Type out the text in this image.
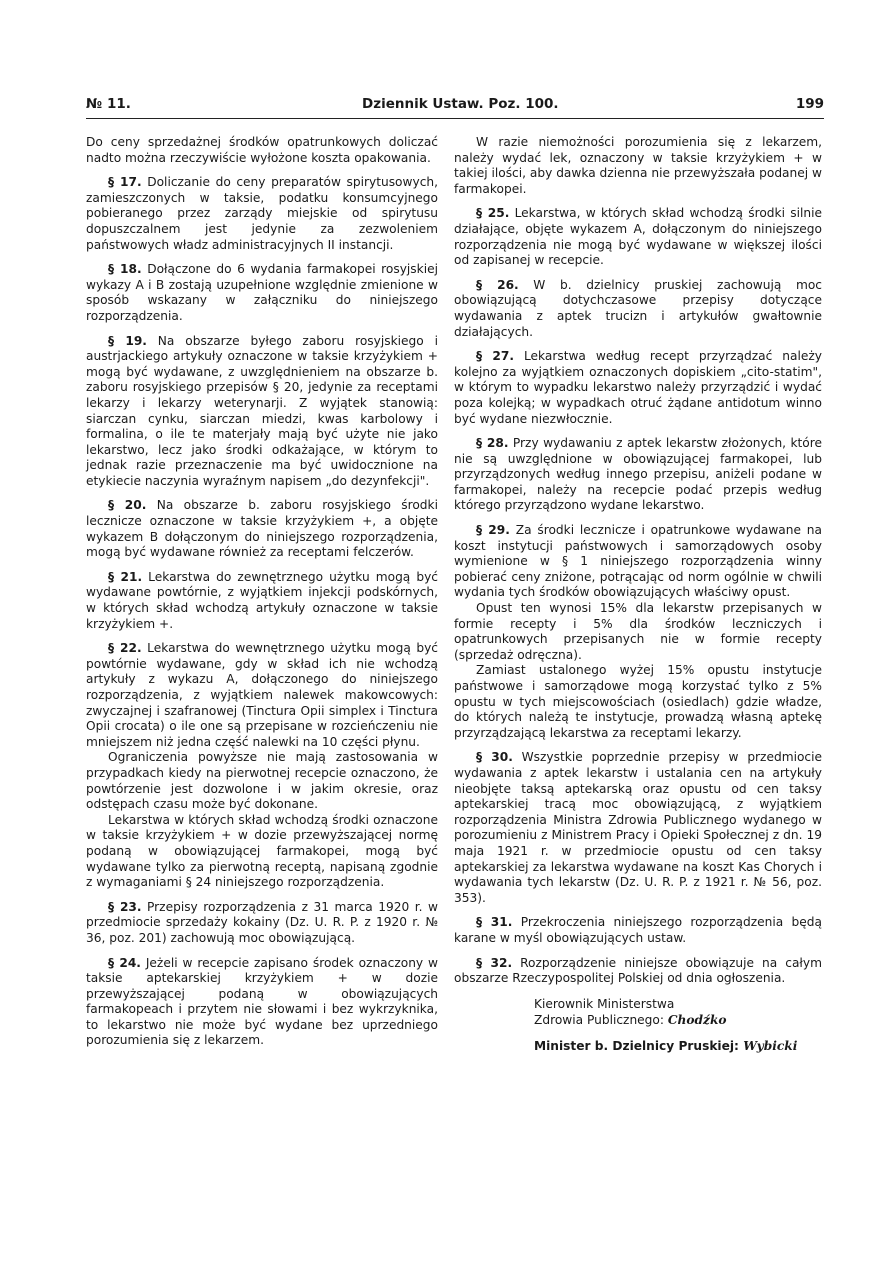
№ 11.	Dziennik Ustaw. Poz. 100.	199

Do ceny sprzedażnej środków opatrunkowych doliczać nadto można rzeczywiście wyłożone koszta opakowania.

§ 17. Doliczanie do ceny preparatów spirytusowych, zamieszczonych w taksie, podatku konsumcyjnego pobieranego przez zarządy miejskie od spirytusu dopuszczalnem jest jedynie za zezwoleniem państwowych władz administracyjnych II instancji.

§ 18. Dołączone do 6 wydania farmakopei rosyjskiej wykazy A i B zostają uzupełnione względnie zmienione w sposób wskazany w załączniku do niniejszego rozporządzenia.

§ 19. Na obszarze byłego zaboru rosyjskiego i austrjackiego artykuły oznaczone w taksie krzyżykiem + mogą być wydawane, z uwzględnieniem na obszarze b. zaboru rosyjskiego przepisów § 20, jedynie za receptami lekarzy i lekarzy weterynarji. Z wyjątek stanowią: siarczan cynku, siarczan miedzi, kwas karbolowy i formalina, o ile te materjały mają być użyte nie jako lekarstwo, lecz jako środki odkażające, w którym to jednak razie przeznaczenie ma być uwidocznione na etykiecie naczynia wyraźnym napisem „do dezynfekcji".

§ 20. Na obszarze b. zaboru rosyjskiego środki lecznicze oznaczone w taksie krzyżykiem +, a objęte wykazem B dołączonym do niniejszego rozporządzenia, mogą być wydawane również za receptami felczerów.

§ 21. Lekarstwa do zewnętrznego użytku mogą być wydawane powtórnie, z wyjątkiem injekcji podskórnych, w których skład wchodzą artykuły oznaczone w taksie krzyżykiem +.

§ 22. Lekarstwa do wewnętrznego użytku mogą być powtórnie wydawane, gdy w skład ich nie wchodzą artykuły z wykazu A, dołączonego do niniejszego rozporządzenia, z wyjątkiem nalewek makowcowych: zwyczajnej i szafranowej (Tinctura Opii simplex i Tinctura Opii crocata) o ile one są przepisane w rozcieńczeniu nie mniejszem niż jedna część nalewki na 10 części płynu.

Ograniczenia powyższe nie mają zastosowania w przypadkach kiedy na pierwotnej recepcie oznaczono, że powtórzenie jest dozwolone i w jakim okresie, oraz odstępach czasu może być dokonane.

Lekarstwa w których skład wchodzą środki oznaczone w taksie krzyżykiem + w dozie przewyższającej normę podaną w obowiązującej farmakopei, mogą być wydawane tylko za pierwotną receptą, napisaną zgodnie z wymaganiami § 24 niniejszego rozporządzenia.

§ 23. Przepisy rozporządzenia z 31 marca 1920 r. w przedmiocie sprzedaży kokainy (Dz. U. R. P. z 1920 r. № 36, poz. 201) zachowują moc obowiązującą.

§ 24. Jeżeli w recepcie zapisano środek oznaczony w taksie aptekarskiej krzyżykiem + w dozie przewyższającej podaną w obowiązujących farmakopeach i przytem nie słowami i bez wykrzyknika, to lekarstwo nie może być wydane bez uprzedniego porozumienia się z lekarzem.

W razie niemożności porozumienia się z lekarzem, należy wydać lek, oznaczony w taksie krzyżykiem + w takiej ilości, aby dawka dzienna nie przewyższała podanej w farmakopei.

§ 25. Lekarstwa, w których skład wchodzą środki silnie działające, objęte wykazem A, dołączonym do niniejszego rozporządzenia nie mogą być wydawane w większej ilości od zapisanej w recepcie.

§ 26. W b. dzielnicy pruskiej zachowują moc obowiązującą dotychczasowe przepisy dotyczące wydawania z aptek trucizn i artykułów gwałtownie działających.

§ 27. Lekarstwa według recept przyrządzać należy kolejno za wyjątkiem oznaczonych dopiskiem „cito-statim", w którym to wypadku lekarstwo należy przyrządzić i wydać poza kolejką; w wypadkach otruć żądane antidotum winno być wydane niezwłocznie.

§ 28. Przy wydawaniu z aptek lekarstw złożonych, które nie są uwzględnione w obowiązującej farmakopei, lub przyrządzonych według innego przepisu, aniżeli podane w farmakopei, należy na recepcie podać przepis według którego przyrządzono wydane lekarstwo.

§ 29. Za środki lecznicze i opatrunkowe wydawane na koszt instytucji państwowych i samorządowych osoby wymienione w § 1 niniejszego rozporządzenia winny pobierać ceny zniżone, potrącając od norm ogólnie w chwili wydania tych środków obowiązujących właściwy opust.

Opust ten wynosi 15% dla lekarstw przepisanych w formie recepty i 5% dla środków leczniczych i opatrunkowych przepisanych nie w formie recepty (sprzedaż odręczna).

Zamiast ustalonego wyżej 15% opustu instytucje państwowe i samorządowe mogą korzystać tylko z 5% opustu w tych miejscowościach (osiedlach) gdzie władze, do których należą te instytucje, prowadzą własną aptekę przyrządzającą lekarstwa za receptami lekarzy.

§ 30. Wszystkie poprzednie przepisy w przedmiocie wydawania z aptek lekarstw i ustalania cen na artykuły nieobjęte taksą aptekarską oraz opustu od cen taksy aptekarskiej tracą moc obowiązującą, z wyjątkiem rozporządzenia Ministra Zdrowia Publicznego wydanego w porozumieniu z Ministrem Pracy i Opieki Społecznej z dn. 19 maja 1921 r. w przedmiocie opustu od cen taksy aptekarskiej za lekarstwa wydawane na koszt Kas Chorych i wydawania tych lekarstw (Dz. U. R. P. z 1921 r. № 56, poz. 353).

§ 31. Przekroczenia niniejszego rozporządzenia będą karane w myśl obowiązujących ustaw.

§ 32. Rozporządzenie niniejsze obowiązuje na całym obszarze Rzeczypospolitej Polskiej od dnia ogłoszenia.

Kierownik Ministerstwa
Zdrowia Publicznego: Chodźko
Minister b. Dzielnicy Pruskiej: Wybicki
